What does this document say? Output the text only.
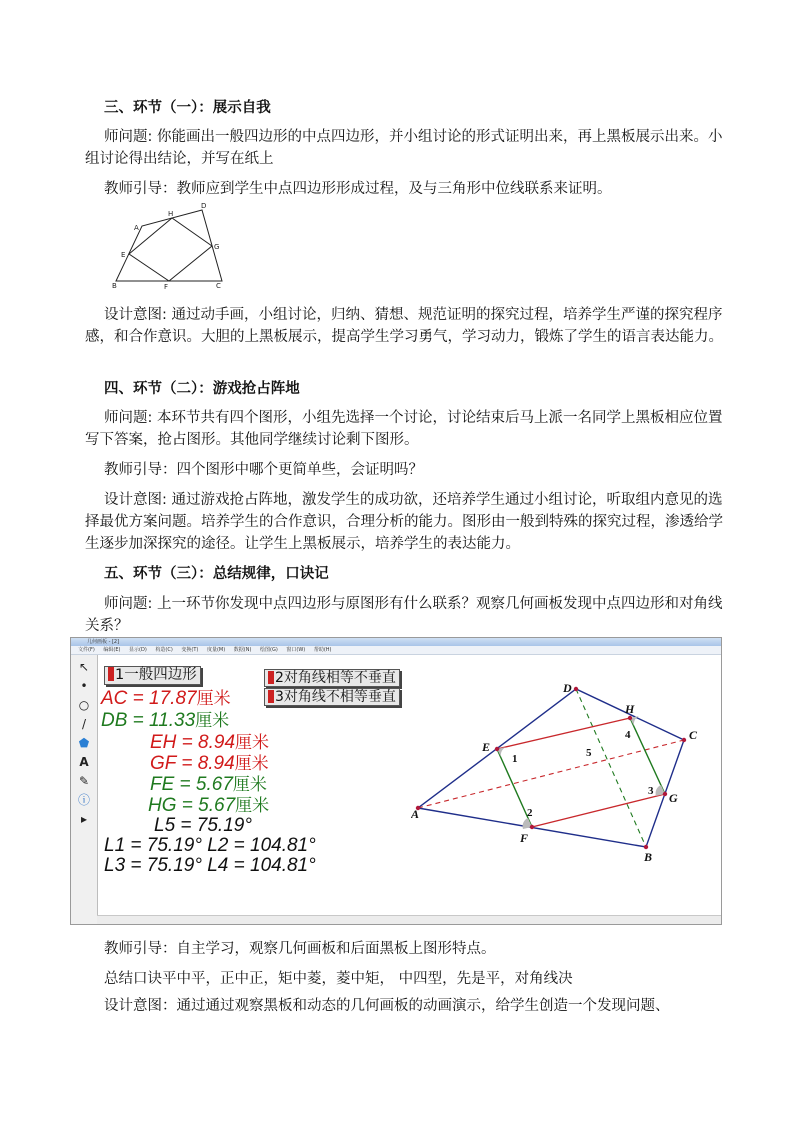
三、环节（一）：展示自我

师问题: 你能画出一般四边形的中点四边形，并小组讨论的形式证明出来，再上黑板展示出来。小组讨论得出结论，并写在纸上

教师引导：教师应到学生中点四边形形成过程，及与三角形中位线联系来证明。

D
E
G
C
B
A
F
H

设计意图: 通过动手画，小组讨论，归纳、猜想、规范证明的探究过程，培养学生严谨的探究程序感，和合作意识。大胆的上黑板展示，提高学生学习勇气，学习动力，锻炼了学生的语言表达能力。

四、环节（二）：游戏抢占阵地

师问题: 本环节共有四个图形，小组先选择一个讨论，讨论结束后马上派一名同学上黑板相应位置写下答案，抢占图形。其他同学继续讨论剩下图形。

教师引导：四个图形中哪个更简单些，会证明吗？

设计意图: 通过游戏抢占阵地，激发学生的成功欲，还培养学生通过小组讨论，听取组内意见的选择最优方案问题。培养学生的合作意识，合理分析的能力。图形由一般到特殊的探究过程，渗透给学生逐步加深探究的途径。让学生上黑板展示，培养学生的表达能力。

五、环节（三）：总结规律，口诀记

师问题: 上一环节你发现中点四边形与原图形有什么联系？观察几何画板发现中点四边形和对角线关系？

几何画板 - [2]
文件(F) 编辑(E) 显示(D) 构造(C) 变换(T) 度量(M) 数据(N) 绘图(G) 窗口(W) 帮助(H)
↖
•
○
/
⬟
A
✎
ⓘ
▸
1一般四边形	2对角线相等不垂直
3对角线不相等垂直
AC = 17.87厘米
DB = 11.33厘米
EH = 8.94厘米
GF = 8.94厘米
FE = 5.67厘米
HG = 5.67厘米
L5 = 75.19°
L1 = 75.19° L2 = 104.81°
L3 = 75.19° L4 = 104.81°
A
B
C
D
E
F
G
H
1
2
3
4
5

教师引导：自主学习，观察几何画板和后面黑板上图形特点。

总结口诀平中平，正中正，矩中菱，菱中矩， 中四型，先是平，对角线决

设计意图：通过通过观察黑板和动态的几何画板的动画演示，给学生创造一个发现问题、
